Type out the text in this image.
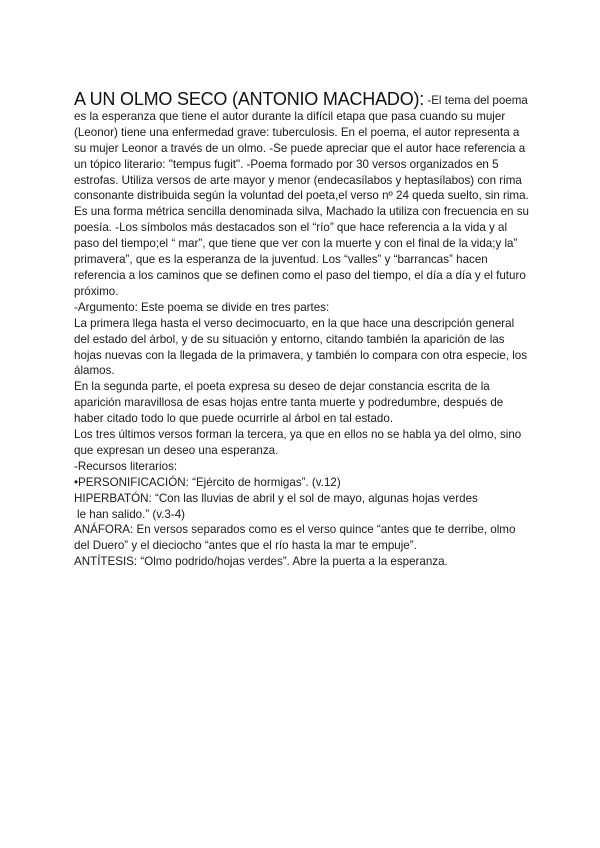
A UN OLMO SECO (ANTONIO MACHADO): -El tema del poema es la esperanza que tiene el autor durante la difícil etapa que pasa cuando su mujer (Leonor) tiene una enfermedad grave: tuberculosis. En el poema, el autor representa a su mujer Leonor a través de un olmo. -Se puede apreciar que el autor hace referencia a un tópico literario: "tempus fugit". -Poema formado por 30 versos organizados en 5 estrofas. Utiliza versos de arte mayor y menor (endecasílabos y heptasílabos) con rima consonante distribuida según la voluntad del poeta,el verso nº 24 queda suelto, sin rima. Es una forma métrica sencilla denominada silva, Machado la utiliza con frecuencia en su poesía. -Los símbolos más destacados son el “río” que hace referencia a la vida y al paso del tiempo;el “ mar”, que tiene que ver con la muerte y con el final de la vida;y la” primavera”, que es la esperanza de la juventud. Los “valles” y “barrancas” hacen referencia a los caminos que se definen como el paso del tiempo, el día a día y el futuro próximo.

-Argumento: Este poema se divide en tres partes:

La primera llega hasta el verso decimocuarto, en la que hace una descripción general del estado del árbol, y de su situación y entorno, citando también la aparición de las hojas nuevas con la llegada de la primavera, y también lo compara con otra especie, los álamos.

En la segunda parte, el poeta expresa su deseo de dejar constancia escrita de la aparición maravillosa de esas hojas entre tanta muerte y podredumbre, después de haber citado todo lo que puede ocurrirle al árbol en tal estado.

Los tres últimos versos forman la tercera, ya que en ellos no se habla ya del olmo, sino que expresan un deseo una esperanza.

-Recursos literarios:

•PERSONIFICACIÓN: “Ejército de hormigas”. (v.12)

HIPERBATÓN: “Con las lluvias de abril y el sol de mayo, algunas hojas verdes

le han salido.” (v.3-4)

ANÁFORA: En versos separados como es el verso quince “antes que te derribe, olmo del Duero” y el dieciocho “antes que el río hasta la mar te empuje”.

ANTÍTESIS: “Olmo podrido/hojas verdes”. Abre la puerta a la esperanza.
